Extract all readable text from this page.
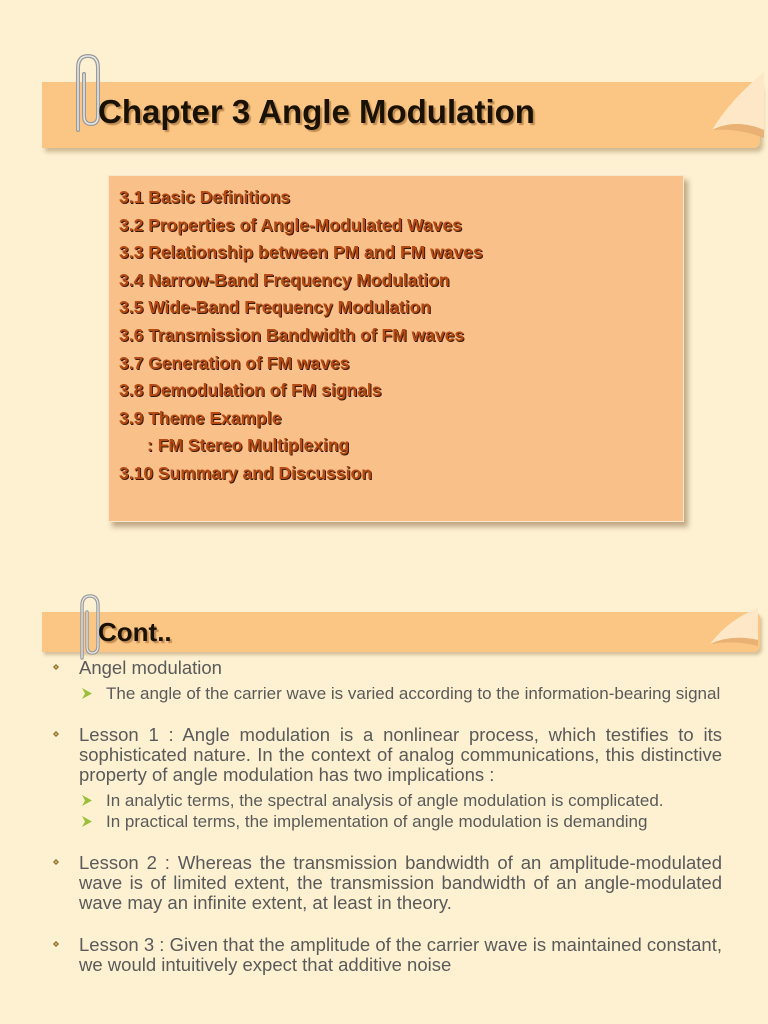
Chapter 3 Angle Modulation
3.1 Basic Definitions
3.2 Properties of Angle-Modulated Waves
3.3 Relationship between PM and FM waves
3.4 Narrow-Band Frequency Modulation
3.5 Wide-Band Frequency Modulation
3.6 Transmission Bandwidth of FM waves
3.7 Generation of FM waves
3.8 Demodulation of FM signals
3.9 Theme Example
: FM Stereo Multiplexing
3.10 Summary and Discussion
Cont..
Angel modulation
The angle of the carrier wave is varied according to the information-bearing signal
Lesson 1 : Angle modulation is a nonlinear process, which testifies to its sophisticated nature. In the context of analog communications, this distinctive property of angle modulation has two implications :
In analytic terms, the spectral analysis of angle modulation is complicated.
In practical terms, the implementation of angle modulation is demanding
Lesson 2 : Whereas the transmission bandwidth of an amplitude-modulated wave is of limited extent, the transmission bandwidth of an angle-modulated wave may an infinite extent, at least in theory.
Lesson 3 : Given that the amplitude of the carrier wave is maintained constant, we would intuitively expect that additive noise
